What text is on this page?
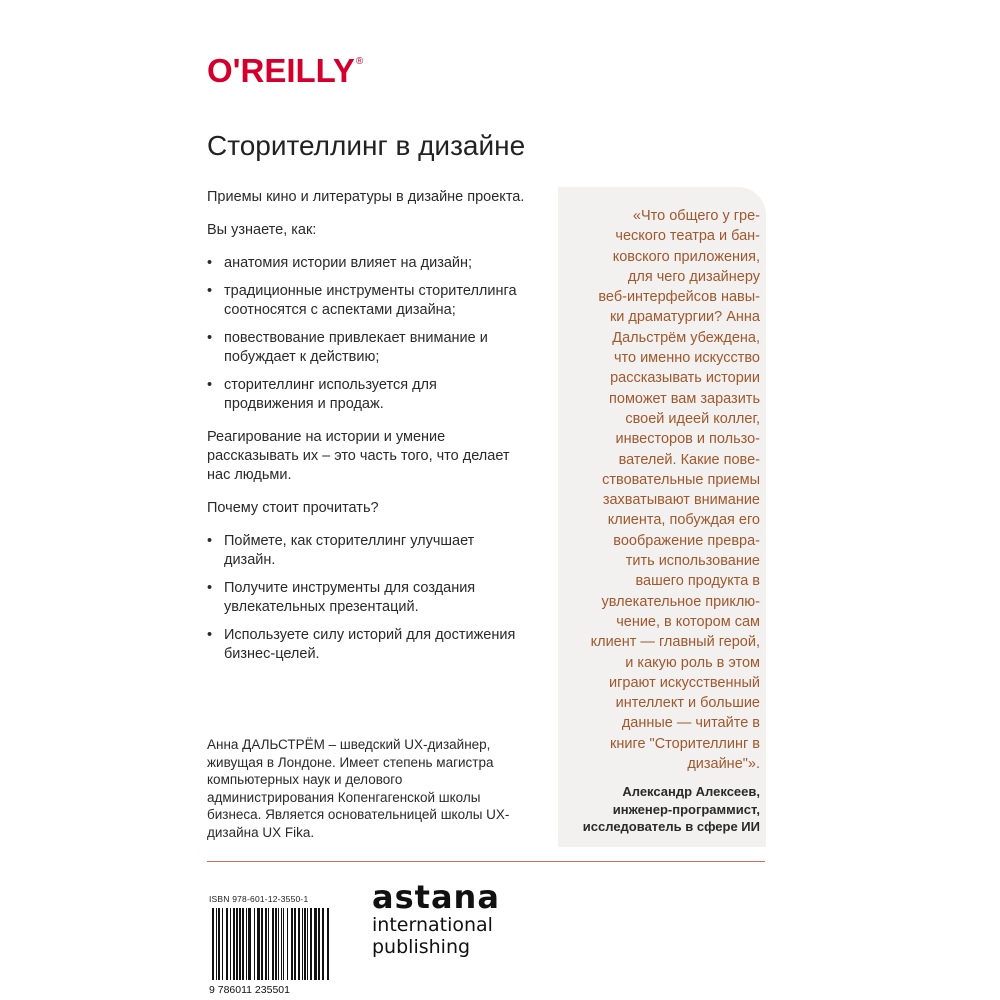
O'REILLY®
Сторителлинг в дизайне

Приемы кино и литературы в дизайне проекта.

Вы узнаете, как:

• анатомия истории влияет на дизайн;
• традиционные инструменты сторителлинга соотносятся с аспектами дизайна;
• повествование привлекает внимание и побуждает к действию;
• сторителлинг используется для продвижения и продаж.

Реагирование на истории и умение рассказывать их – это часть того, что делает нас людьми.

Почему стоит прочитать?

• Поймете, как сторителлинг улучшает дизайн.
• Получите инструменты для создания увлекательных презентаций.
• Используете силу историй для достижения бизнес-целей.
Анна ДАЛЬСТРЁМ – шведский UX-дизайнер, живущая в Лондоне. Имеет степень магистра компьютерных наук и делового администрирования Копенгагенской школы бизнеса. Является основательницей школы UX-дизайна UX Fika.
«Что общего у гре-
ческого театра и бан-
ковского приложения,
для чего дизайнеру
веб-интерфейсов навы-
ки драматургии? Анна
Дальстрём убеждена,
что именно искусство
рассказывать истории
поможет вам заразить
своей идеей коллег,
инвесторов и пользо-
вателей. Какие пове-
ствовательные приемы
захватывают внимание
клиента, побуждая его
воображение превра-
тить использование
вашего продукта в
увлекательное приклю-
чение, в котором сам
клиент — главный герой,
и какую роль в этом
играют искусственный
интеллект и большие
данные — читайте в
книге "Сторителлинг в
дизайне"».
Александр Алексеев,
инженер-программист,
исследователь в сфере ИИ
ISBN 978-601-12-3550-1
9 786011 235501
astana
international
publishing
